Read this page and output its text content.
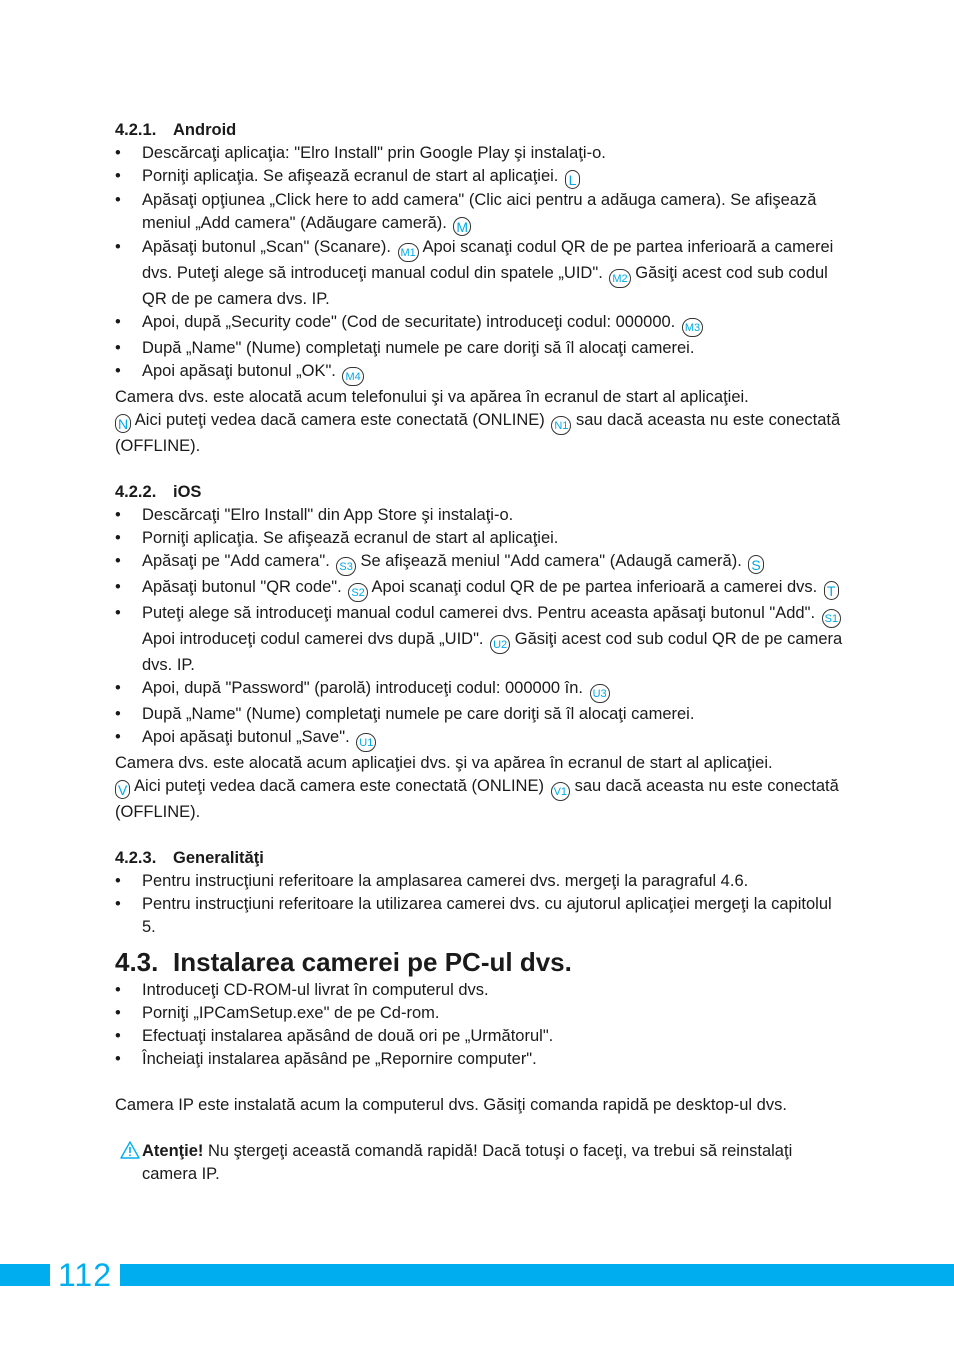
4.2.1. Android
• Descărcaţi aplicaţia: "Elro Install" prin Google Play şi instalaţi-o.
• Porniţi aplicaţia. Se afişează ecranul de start al aplicaţiei. L
• Apăsaţi opţiunea „Click here to add camera" (Clic aici pentru a adăuga camera). Se afişează meniul „Add camera" (Adăugare cameră). M
• Apăsaţi butonul „Scan" (Scanare). M1 Apoi scanaţi codul QR de pe partea inferioară a camerei dvs. Puteţi alege să introduceţi manual codul din spatele „UID". M2 Găsiţi acest cod sub codul QR de pe camera dvs. IP.
• Apoi, după „Security code" (Cod de securitate) introduceţi codul: 000000. M3
• După „Name" (Nume) completaţi numele pe care doriţi să îl alocaţi camerei.
• Apoi apăsaţi butonul „OK". M4

Camera dvs. este alocată acum telefonului şi va apărea în ecranul de start al aplicaţiei.

N Aici puteţi vedea dacă camera este conectată (ONLINE) N1 sau dacă aceasta nu este conectată (OFFLINE).

4.2.2. iOS
• Descărcaţi "Elro Install" din App Store şi instalaţi-o.
• Porniţi aplicaţia. Se afişează ecranul de start al aplicaţiei.
• Apăsaţi pe "Add camera". S3 Se afişează meniul "Add camera" (Adaugă cameră). S
• Apăsaţi butonul "QR code". S2 Apoi scanaţi codul QR de pe partea inferioară a camerei dvs. T
• Puteţi alege să introduceţi manual codul camerei dvs. Pentru aceasta apăsaţi butonul "Add". S1 Apoi introduceţi codul camerei dvs după „UID". U2 Găsiţi acest cod sub codul QR de pe camera dvs. IP.
• Apoi, după "Password" (parolă) introduceţi codul: 000000 în. U3
• După „Name" (Nume) completaţi numele pe care doriţi să îl alocaţi camerei.
• Apoi apăsaţi butonul „Save". U1

Camera dvs. este alocată acum aplicaţiei dvs. şi va apărea în ecranul de start al aplicaţiei.

V Aici puteţi vedea dacă camera este conectată (ONLINE) V1 sau dacă aceasta nu este conectată (OFFLINE).

4.2.3. Generalităţi
• Pentru instrucţiuni referitoare la amplasarea camerei dvs. mergeţi la paragraful 4.6.
• Pentru instrucţiuni referitoare la utilizarea camerei dvs. cu ajutorul aplicaţiei mergeţi la capitolul 5.
4.3. Instalarea camerei pe PC-ul dvs.
• Introduceţi CD-ROM-ul livrat în computerul dvs.
• Porniţi „IPCamSetup.exe" de pe Cd-rom.
• Efectuaţi instalarea apăsând de două ori pe „Următorul".
• Încheiaţi instalarea apăsând pe „Repornire computer".

Camera IP este instalată acum la computerul dvs. Găsiţi comanda rapidă pe desktop-ul dvs.

Atenţie! Nu ştergeţi această comandă rapidă! Dacă totuşi o faceţi, va trebui să reinstalaţi camera IP.
112
